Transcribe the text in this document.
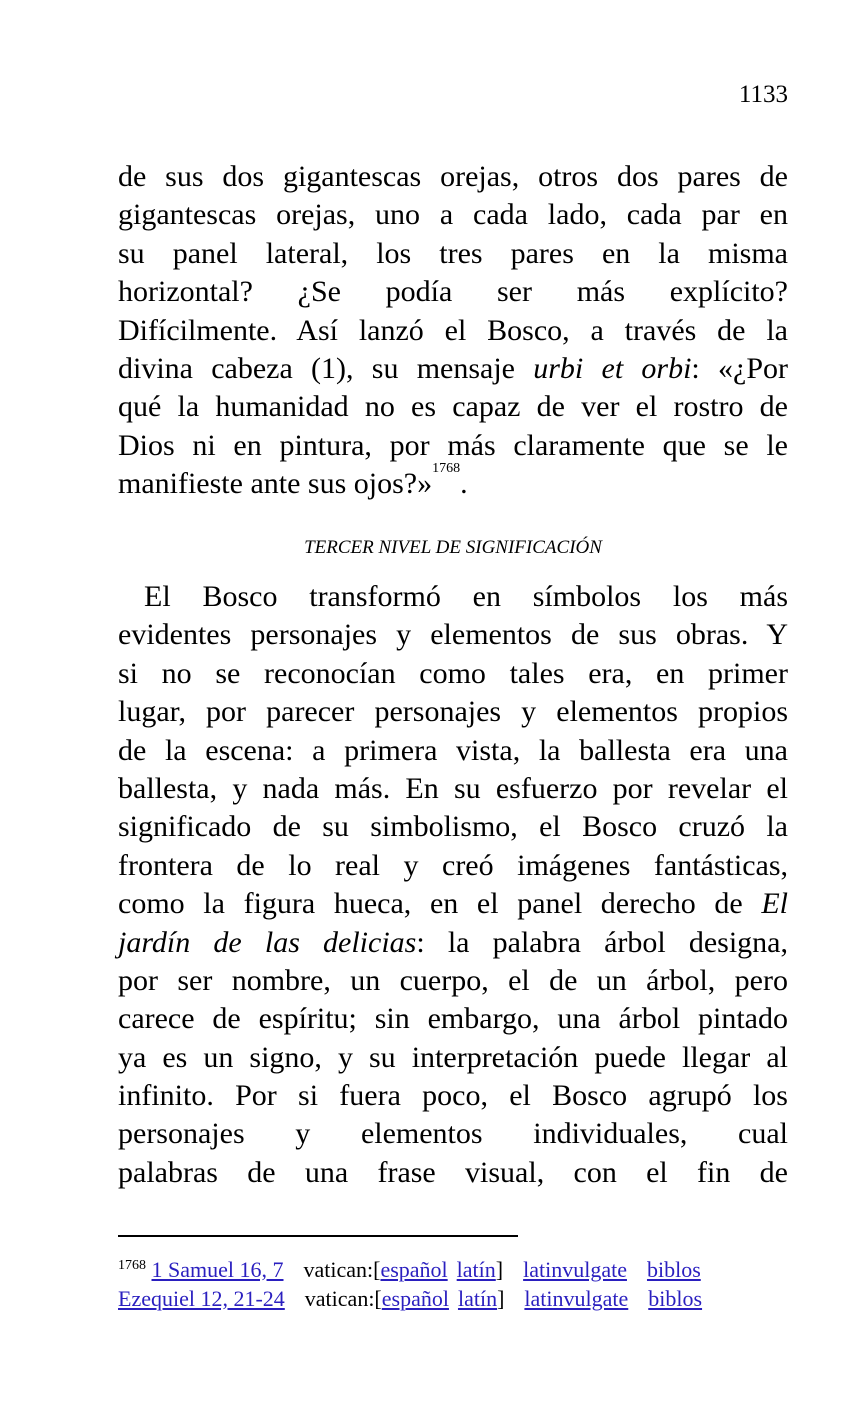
1133
de sus dos gigantescas orejas, otros dos pares de
gigantescas orejas, uno a cada lado, cada par en
su panel lateral, los tres pares en la misma
horizontal? ¿Se podía ser más explícito?
Difícilmente. Así lanzó el Bosco, a través de la
divina cabeza (1), su mensaje urbi et orbi: «¿Por
qué la humanidad no es capaz de ver el rostro de
Dios ni en pintura, por más claramente que se le
manifieste ante sus ojos?»$^{1768}$.
TERCER NIVEL DE SIGNIFICACIÓN
El Bosco transformó en símbolos los más
evidentes personajes y elementos de sus obras. Y
si no se reconocían como tales era, en primer
lugar, por parecer personajes y elementos propios
de la escena: a primera vista, la ballesta era una
ballesta, y nada más. En su esfuerzo por revelar el
significado de su simbolismo, el Bosco cruzó la
frontera de lo real y creó imágenes fantásticas,
como la figura hueca, en el panel derecho de El
jardín de las delicias: la palabra árbol designa,
por ser nombre, un cuerpo, el de un árbol, pero
carece de espíritu; sin embargo, una árbol pintado
ya es un signo, y su interpretación puede llegar al
infinito. Por si fuera poco, el Bosco agrupó los
personajes y elementos individuales, cual
palabras de una frase visual, con el fin de
$^{1768}$ 1 Samuel 16, 7 vatican:[español latín] latinvulgate biblos
Ezequiel 12, 21-24 vatican:[español latín] latinvulgate biblos
